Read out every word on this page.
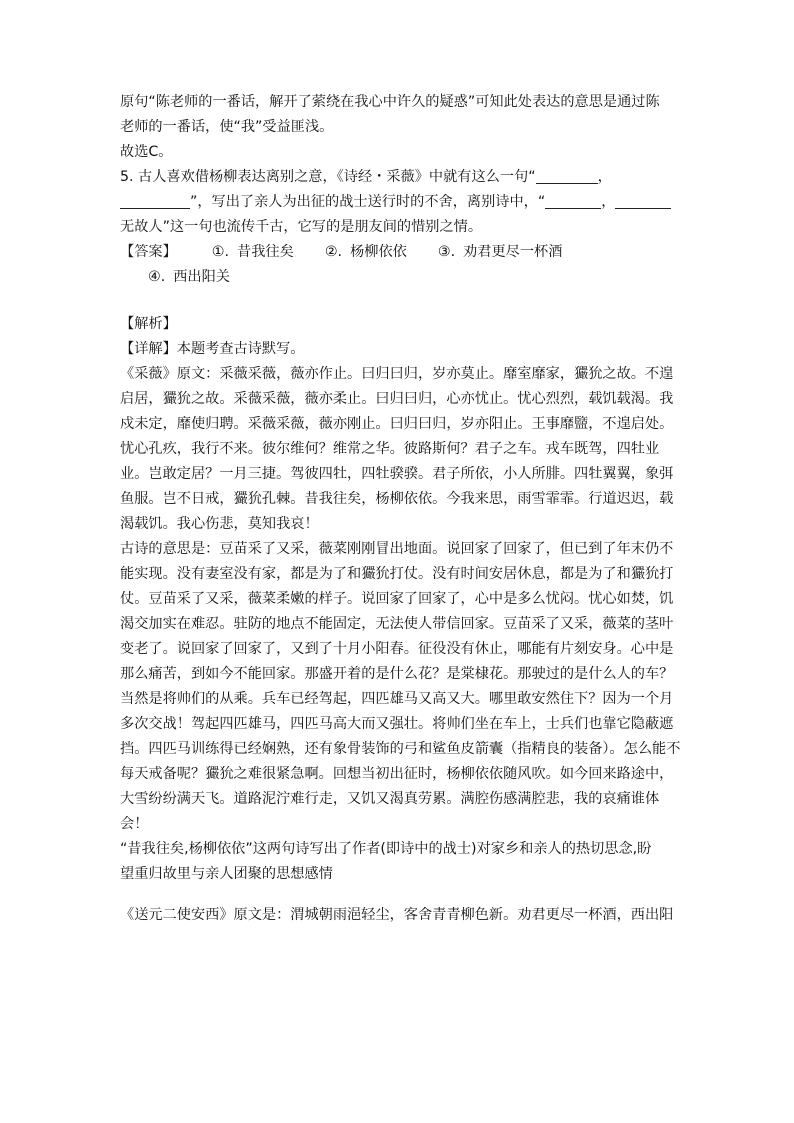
原句“陈老师的一番话，解开了萦绕在我心中许久的疑惑”可知此处表达的意思是通过陈
老师的一番话，使“我”受益匪浅。
故选C。
5. 古人喜欢借杨柳表达离别之意，《诗经・采薇》中就有这么一句“	，
”，写出了亲人为出征的战士送行时的不舍，离别诗中，“	，
无故人”这一句也流传千古，它写的是朋友间的惜别之情。
【答案】 ①. 昔我往矣 ②. 杨柳依依 ③. 劝君更尽一杯酒
④. 西出阳关
【解析】
【详解】本题考查古诗默写。
《采薇》原文：采薇采薇，薇亦作止。曰归曰归，岁亦莫止。靡室靡家，玁狁之故。不遑
启居，玁狁之故。采薇采薇，薇亦柔止。曰归曰归，心亦忧止。忧心烈烈，载饥载渴。我
戍未定，靡使归聘。采薇采薇，薇亦刚止。曰归曰归，岁亦阳止。王事靡盬，不遑启处。
忧心孔疚，我行不来。彼尔维何？维常之华。彼路斯何？君子之车。戎车既驾，四牡业
业。岂敢定居？一月三捷。驾彼四牡，四牡骙骙。君子所依，小人所腓。四牡翼翼，象弭
鱼服。岂不日戒，玁狁孔棘。昔我往矣，杨柳依依。今我来思，雨雪霏霏。行道迟迟，载
渴载饥。我心伤悲，莫知我哀！
古诗的意思是：豆苗采了又采，薇菜刚刚冒出地面。说回家了回家了，但已到了年末仍不
能实现。没有妻室没有家，都是为了和玁狁打仗。没有时间安居休息，都是为了和玁狁打
仗。豆苗采了又采，薇菜柔嫩的样子。说回家了回家了，心中是多么忧闷。忧心如焚，饥
渴交加实在难忍。驻防的地点不能固定，无法使人带信回家。豆苗采了又采，薇菜的茎叶
变老了。说回家了回家了，又到了十月小阳春。征役没有休止，哪能有片刻安身。心中是
那么痛苦，到如今不能回家。那盛开着的是什么花？是棠棣花。那驶过的是什么人的车？
当然是将帅们的从乘。兵车已经驾起，四匹雄马又高又大。哪里敢安然住下？因为一个月
多次交战！驾起四匹雄马，四匹马高大而又强壮。将帅们坐在车上，士兵们也靠它隐蔽遮
挡。四匹马训练得已经娴熟，还有象骨装饰的弓和鲨鱼皮箭囊（指精良的装备）。怎么能不
每天戒备呢？玁狁之难很紧急啊。回想当初出征时，杨柳依依随风吹。如今回来路途中，
大雪纷纷满天飞。道路泥泞难行走，又饥又渴真劳累。满腔伤感满腔悲，我的哀痛谁体
会！
“昔我往矣,杨柳依依”这两句诗写出了作者(即诗中的战士)对家乡和亲人的热切思念,盼
望重归故里与亲人团聚的思想感情
《送元二使安西》原文是：渭城朝雨浥轻尘，客舍青青柳色新。劝君更尽一杯酒，西出阳
